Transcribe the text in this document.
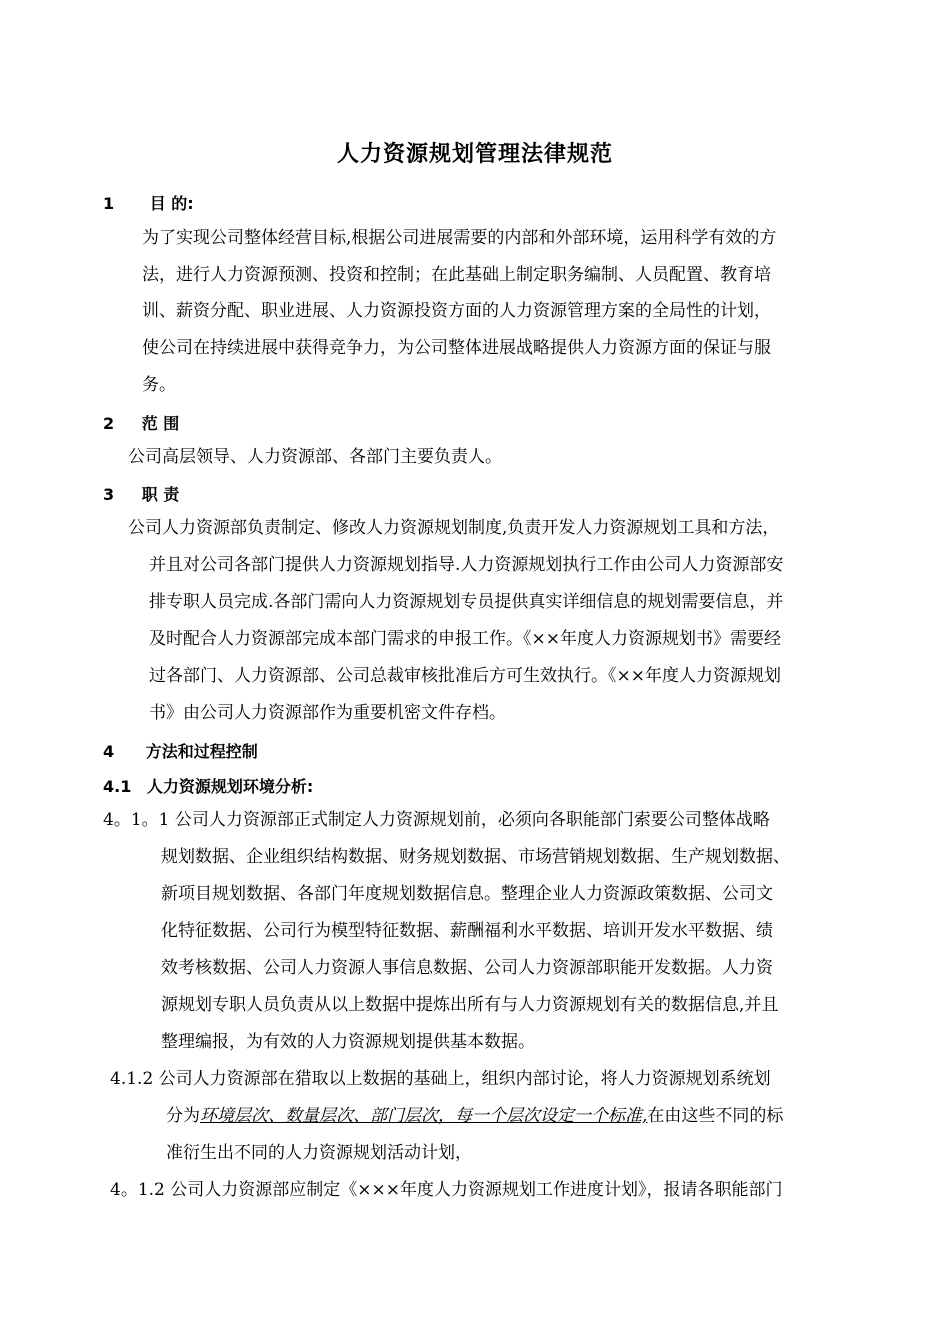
人力资源规划管理法律规范
1 目 的:
为了实现公司整体经营目标,根据公司进展需要的内部和外部环境，运用科学有效的方
法，进行人力资源预测、投资和控制；在此基础上制定职务编制、人员配置、教育培
训、薪资分配、职业进展、人力资源投资方面的人力资源管理方案的全局性的计划，
使公司在持续进展中获得竞争力，为公司整体进展战略提供人力资源方面的保证与服
务。
2 范 围
公司高层领导、人力资源部、各部门主要负责人。
3 职 责
公司人力资源部负责制定、修改人力资源规划制度,负责开发人力资源规划工具和方法，
并且对公司各部门提供人力资源规划指导.人力资源规划执行工作由公司人力资源部安
排专职人员完成.各部门需向人力资源规划专员提供真实详细信息的规划需要信息，并
及时配合人力资源部完成本部门需求的申报工作。《××年度人力资源规划书》需要经
过各部门、人力资源部、公司总裁审核批准后方可生效执行。《××年度人力资源规划
书》由公司人力资源部作为重要机密文件存档。
4 方法和过程控制
4.1 人力资源规划环境分析:
4。1。1 公司人力资源部正式制定人力资源规划前，必须向各职能部门索要公司整体战略
规划数据、企业组织结构数据、财务规划数据、市场营销规划数据、生产规划数据、
新项目规划数据、各部门年度规划数据信息。整理企业人力资源政策数据、公司文
化特征数据、公司行为模型特征数据、薪酬福利水平数据、培训开发水平数据、绩
效考核数据、公司人力资源人事信息数据、公司人力资源部职能开发数据。人力资
源规划专职人员负责从以上数据中提炼出所有与人力资源规划有关的数据信息,并且
整理编报，为有效的人力资源规划提供基本数据。
4.1.2 公司人力资源部在猎取以上数据的基础上，组织内部讨论，将人力资源规划系统划
分为环境层次、数量层次、部门层次，每一个层次设定一个标准,在由这些不同的标
准衍生出不同的人力资源规划活动计划，
4。1.2 公司人力资源部应制定《×××年度人力资源规划工作进度计划》，报请各职能部门
